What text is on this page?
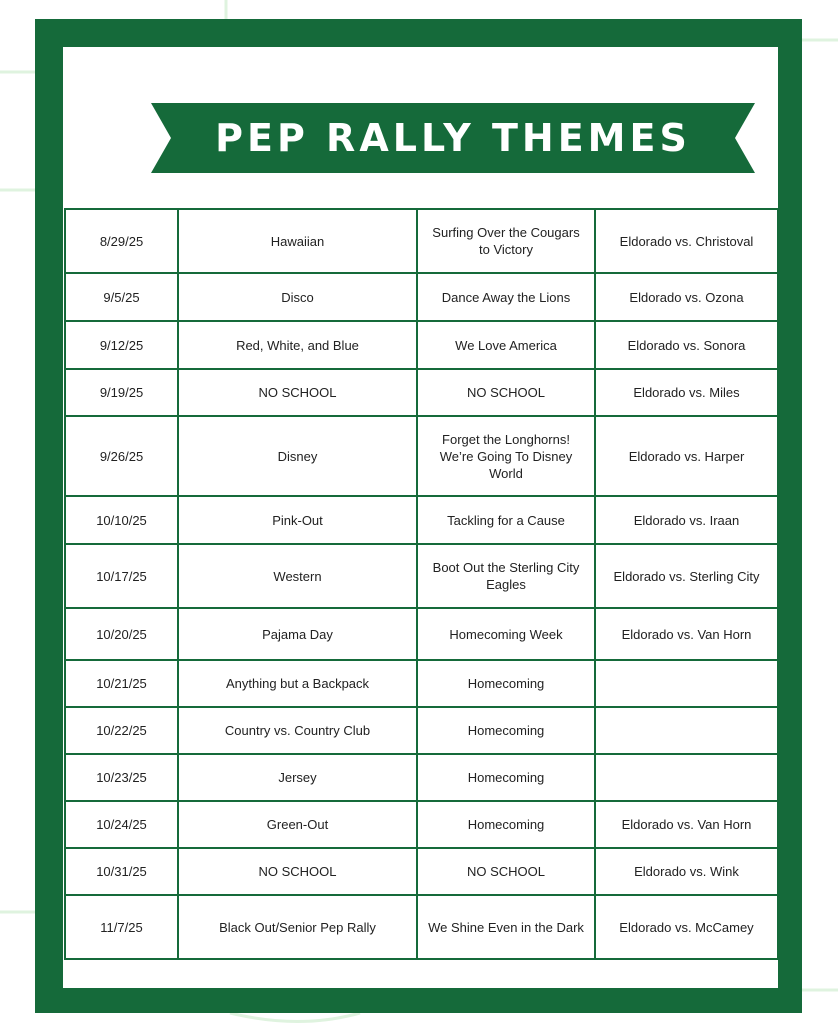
PEP RALLY THEMES
8/29/25	Hawaiian	Surfing Over the Cougars to Victory	Eldorado vs. Christoval
9/5/25	Disco	Dance Away the Lions	Eldorado vs. Ozona
9/12/25	Red, White, and Blue	We Love America	Eldorado vs. Sonora
9/19/25	NO SCHOOL	NO SCHOOL	Eldorado vs. Miles
9/26/25	Disney	Forget the Longhorns! We’re Going To Disney World	Eldorado vs. Harper
10/10/25	Pink-Out	Tackling for a Cause	Eldorado vs. Iraan
10/17/25	Western	Boot Out the Sterling City Eagles	Eldorado vs. Sterling City
10/20/25	Pajama Day	Homecoming Week	Eldorado vs. Van Horn
10/21/25	Anything but a Backpack	Homecoming	
10/22/25	Country vs. Country Club	Homecoming	
10/23/25	Jersey	Homecoming	
10/24/25	Green-Out	Homecoming	Eldorado vs. Van Horn
10/31/25	NO SCHOOL	NO SCHOOL	Eldorado vs. Wink
11/7/25	Black Out/Senior Pep Rally	We Shine Even in the Dark	Eldorado vs. McCamey
